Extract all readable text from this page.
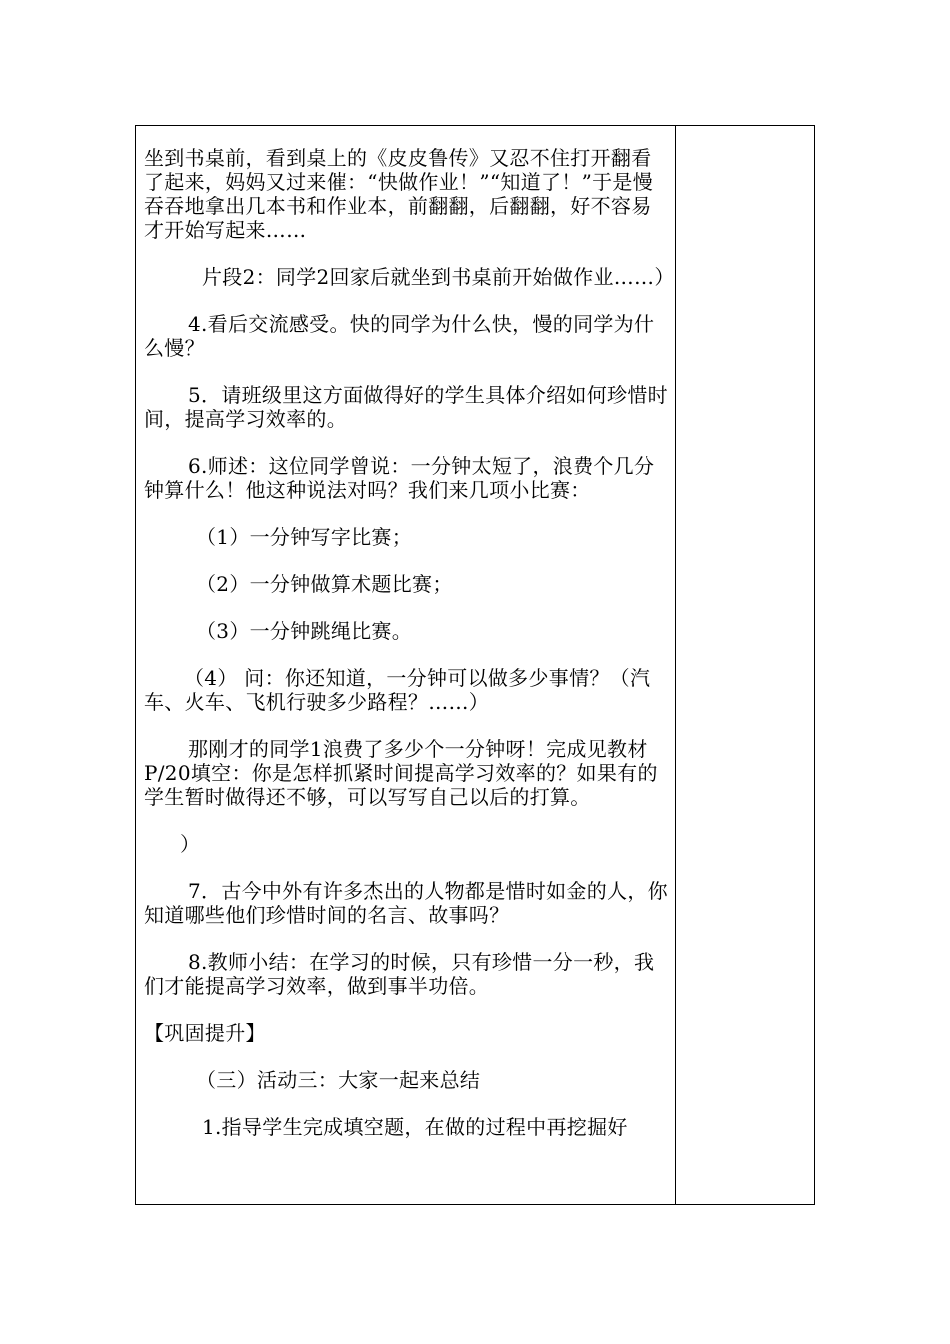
坐到书桌前，看到桌上的《皮皮鲁传》又忍不住打开翻看了起来，妈妈又过来催：“快做作业！”“知道了！”于是慢吞吞地拿出几本书和作业本，前翻翻，后翻翻，好不容易才开始写起来……

片段2：同学2回家后就坐到书桌前开始做作业……）

4.看后交流感受。快的同学为什么快，慢的同学为什么慢？

5．请班级里这方面做得好的学生具体介绍如何珍惜时间，提高学习效率的。

6.师述：这位同学曾说：一分钟太短了，浪费个几分钟算什么！他这种说法对吗？我们来几项小比赛：

（1）一分钟写字比赛；

（2）一分钟做算术题比赛；

（3）一分钟跳绳比赛。

（4） 问：你还知道，一分钟可以做多少事情？（汽车、火车、飞机行驶多少路程？……）

那刚才的同学1浪费了多少个一分钟呀！完成见教材P/20填空：你是怎样抓紧时间提高学习效率的？如果有的学生暂时做得还不够，可以写写自己以后的打算。

）

7．古今中外有许多杰出的人物都是惜时如金的人，你知道哪些他们珍惜时间的名言、故事吗？

8.教师小结：在学习的时候，只有珍惜一分一秒，我们才能提高学习效率，做到事半功倍。

【巩固提升】

（三）活动三：大家一起来总结

1.指导学生完成填空题，在做的过程中再挖掘好
